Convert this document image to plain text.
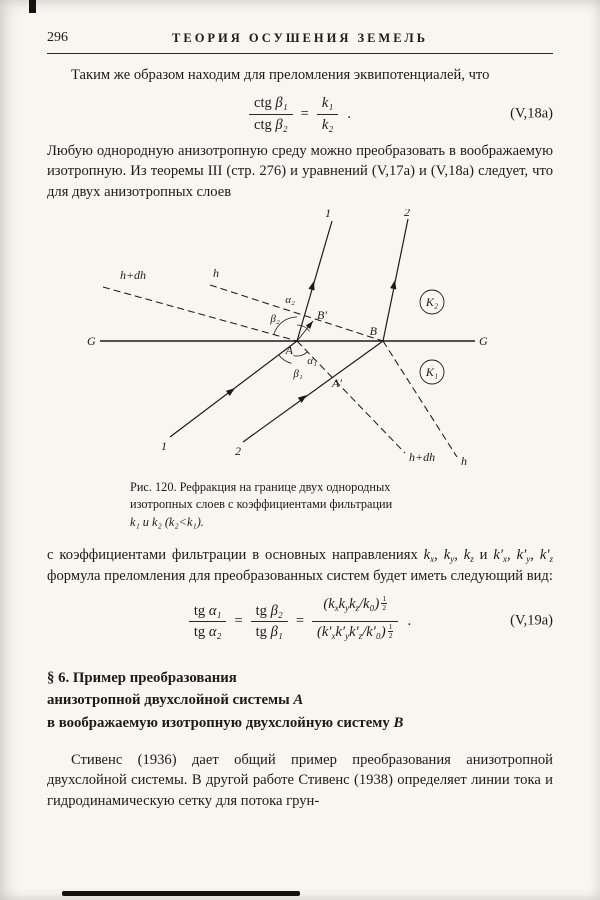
296	ТЕОРИЯ ОСУШЕНИЯ ЗЕМЕЛЬ

Таким же образом находим для преломления эквипотенциалей, что

$\frac{\text{ctg β₁}}{\text{ctg β₂}} = \frac{\text{k₁}}{\text{k₂}}$ .	(V,18а)

Любую однородную анизотропную среду можно преобразовать в воображаемую изотропную. Из теоремы III (стр. 276) и уравнений (V,17а) и (V,18а) следует, что для двух анизотропных слоев

G	G
h+dh	h
h+dh h
α₂
β₂
α₁
β₁
A
B
B′
A′
1	2
1	2
K₂
K₁
Рис. 120. Рефракция на границе двух однородных
изотропных слоев с коэффициентами фильтрации
k₁ и k₂ (k₂<k₁).

с коэффициентами фильтрации в основных направлениях $k_x$, $k_y$, $k_z$ и $k'_x$, $k'_y$, $k'_z$ формула преломления для преобразованных систем будет иметь следующий вид:

$\frac{\text{tg α₁}}{\text{tg α₂}} = \frac{\text{tg β₂}}{\text{tg β₁}} = \frac{(k_xk_yk_z/k_0) \frac{1}{2}}{(k'_xk'_yk'_z/k'_0) \frac{1}{2}}$ .	(V,19а)
§ 6. Пример преобразования
анизотропной двухслойной системы А
в воображаемую изотропную двухслойную систему В

Стивенс (1936) дает общий пример преобразования анизотропной двухслойной системы. В другой работе Стивенс (1938) определяет линии тока и гидродинамическую сетку для потока грун-
